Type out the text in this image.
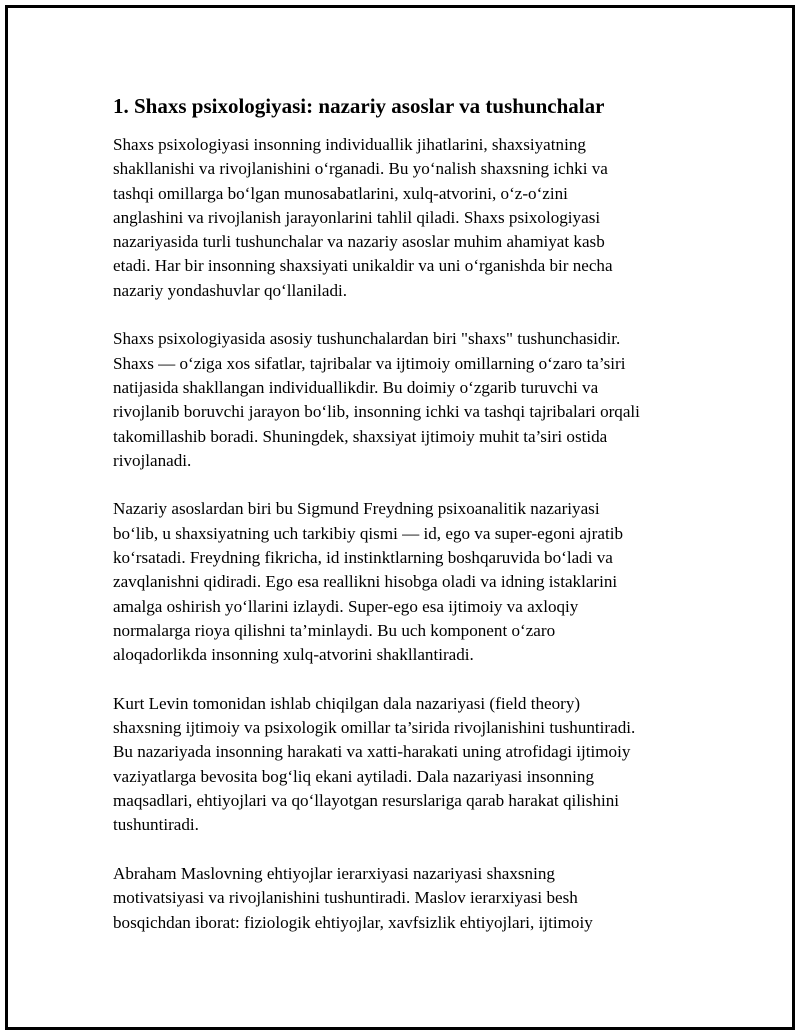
1. Shaxs psixologiyasi: nazariy asoslar va tushunchalar

Shaxs psixologiyasi insonning individuallik jihatlarini, shaxsiyatning
shakllanishi va rivojlanishini o‘rganadi. Bu yo‘nalish shaxsning ichki va
tashqi omillarga bo‘lgan munosabatlarini, xulq-atvorini, o‘z-o‘zini
anglashini va rivojlanish jarayonlarini tahlil qiladi. Shaxs psixologiyasi
nazariyasida turli tushunchalar va nazariy asoslar muhim ahamiyat kasb
etadi. Har bir insonning shaxsiyati unikaldir va uni o‘rganishda bir necha
nazariy yondashuvlar qo‘llaniladi.

Shaxs psixologiyasida asosiy tushunchalardan biri "shaxs" tushunchasidir.
Shaxs — o‘ziga xos sifatlar, tajribalar va ijtimoiy omillarning o‘zaro ta’siri
natijasida shakllangan individuallikdir. Bu doimiy o‘zgarib turuvchi va
rivojlanib boruvchi jarayon bo‘lib, insonning ichki va tashqi tajribalari orqali
takomillashib boradi. Shuningdek, shaxsiyat ijtimoiy muhit ta’siri ostida
rivojlanadi.

Nazariy asoslardan biri bu Sigmund Freydning psixoanalitik nazariyasi
bo‘lib, u shaxsiyatning uch tarkibiy qismi — id, ego va super-egoni ajratib
ko‘rsatadi. Freydning fikricha, id instinktlarning boshqaruvida bo‘ladi va
zavqlanishni qidiradi. Ego esa reallikni hisobga oladi va idning istaklarini
amalga oshirish yo‘llarini izlaydi. Super-ego esa ijtimoiy va axloqiy
normalarga rioya qilishni ta’minlaydi. Bu uch komponent o‘zaro
aloqadorlikda insonning xulq-atvorini shakllantiradi.

Kurt Levin tomonidan ishlab chiqilgan dala nazariyasi (field theory)
shaxsning ijtimoiy va psixologik omillar ta’sirida rivojlanishini tushuntiradi.
Bu nazariyada insonning harakati va xatti-harakati uning atrofidagi ijtimoiy
vaziyatlarga bevosita bog‘liq ekani aytiladi. Dala nazariyasi insonning
maqsadlari, ehtiyojlari va qo‘llayotgan resurslariga qarab harakat qilishini
tushuntiradi.

Abraham Maslovning ehtiyojlar ierarxiyasi nazariyasi shaxsning
motivatsiyasi va rivojlanishini tushuntiradi. Maslov ierarxiyasi besh
bosqichdan iborat: fiziologik ehtiyojlar, xavfsizlik ehtiyojlari, ijtimoiy
